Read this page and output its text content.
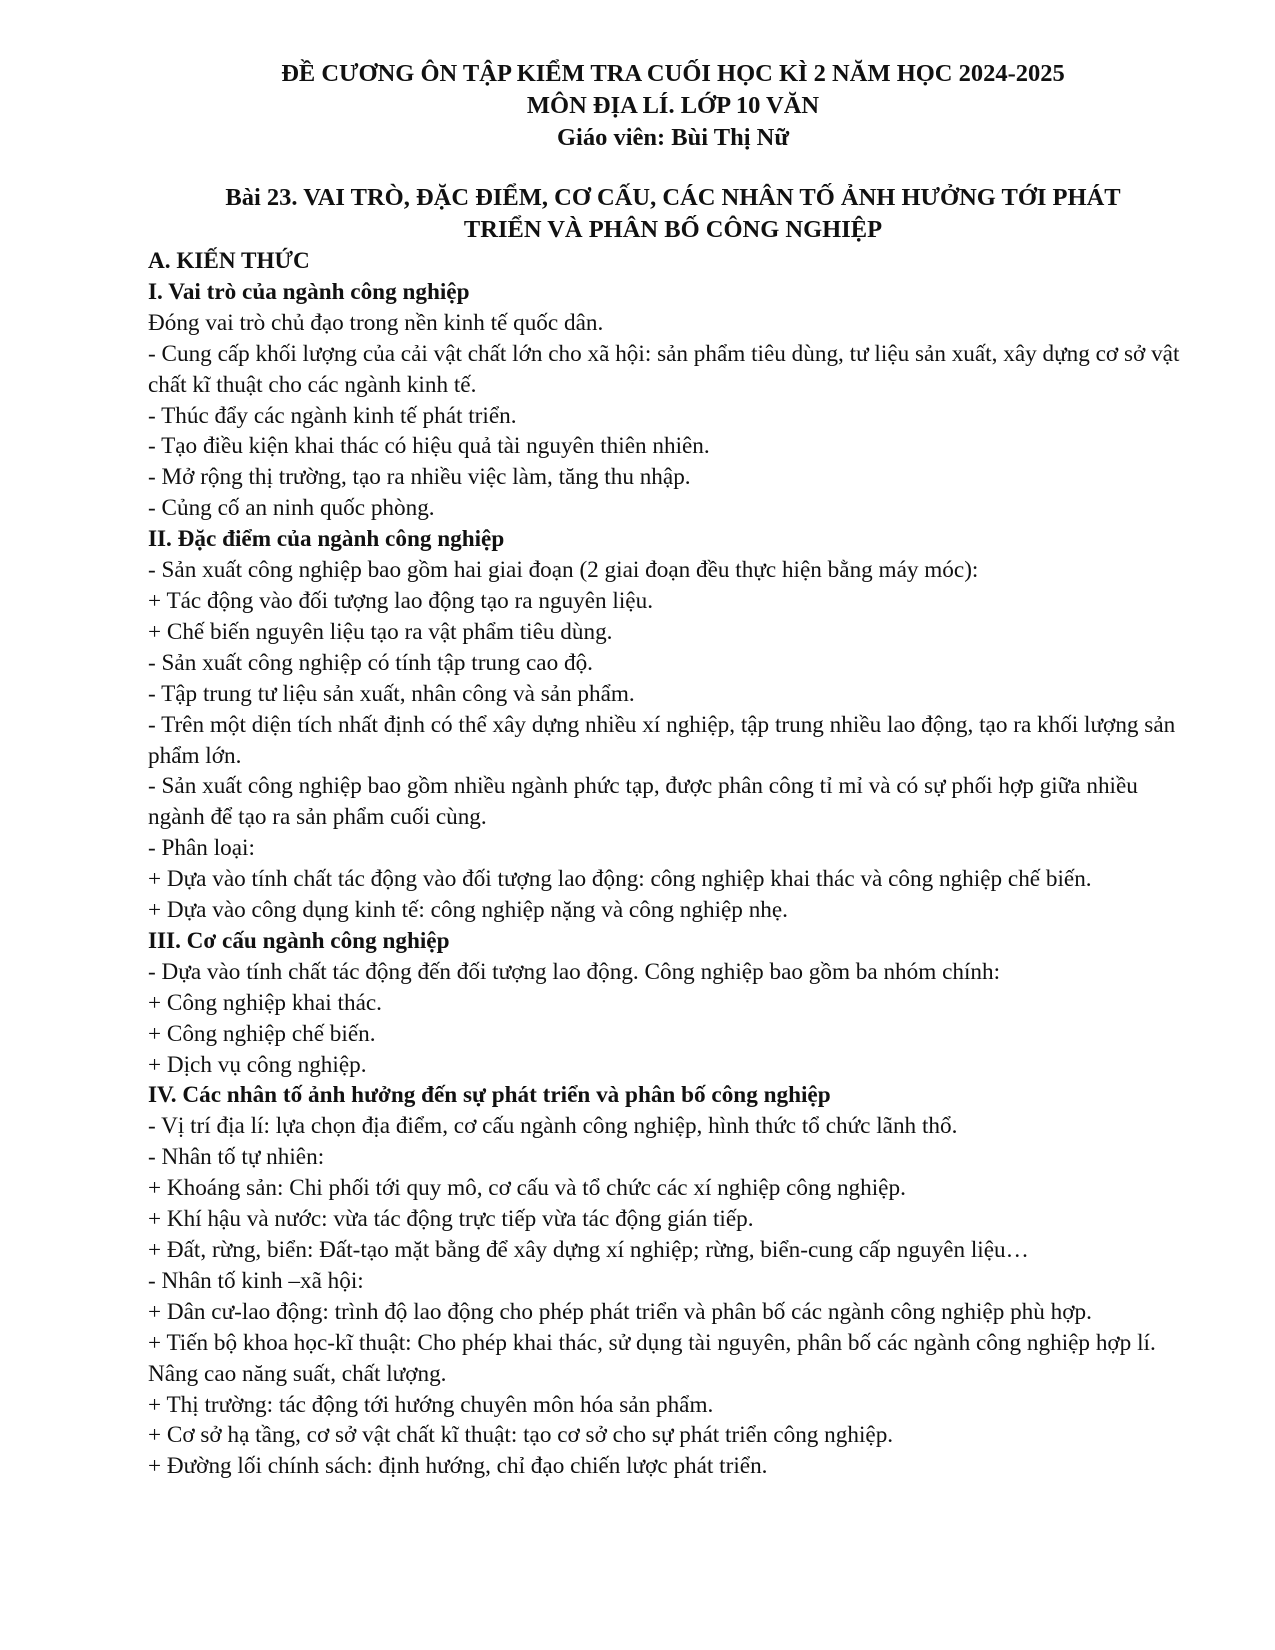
ĐỀ CƯƠNG ÔN TẬP KIỂM TRA CUỐI HỌC KÌ 2 NĂM HỌC 2024-2025
MÔN ĐỊA LÍ. LỚP 10 VĂN
Giáo viên: Bùi Thị Nữ
Bài 23. VAI TRÒ, ĐẶC ĐIỂM, CƠ CẤU, CÁC NHÂN TỐ ẢNH HƯỞNG TỚI PHÁT TRIỂN VÀ PHÂN BỐ CÔNG NGHIỆP
A. KIẾN THỨC
I. Vai trò của ngành công nghiệp

Đóng vai trò chủ đạo trong nền kinh tế quốc dân.

- Cung cấp khối lượng của cải vật chất lớn cho xã hội: sản phẩm tiêu dùng, tư liệu sản xuất, xây dựng cơ sở vật chất kĩ thuật cho các ngành kinh tế.

- Thúc đẩy các ngành kinh tế phát triển.

- Tạo điều kiện khai thác có hiệu quả tài nguyên thiên nhiên.

- Mở rộng thị trường, tạo ra nhiều việc làm, tăng thu nhập.

- Củng cố an ninh quốc phòng.

II. Đặc điểm của ngành công nghiệp

- Sản xuất công nghiệp bao gồm hai giai đoạn (2 giai đoạn đều thực hiện bằng máy móc):

+ Tác động vào đối tượng lao động tạo ra nguyên liệu.

+ Chế biến nguyên liệu tạo ra vật phẩm tiêu dùng.

- Sản xuất công nghiệp có tính tập trung cao độ.

- Tập trung tư liệu sản xuất, nhân công và sản phẩm.

- Trên một diện tích nhất định có thể xây dựng nhiều xí nghiệp, tập trung nhiều lao động, tạo ra khối lượng sản phẩm lớn.

- Sản xuất công nghiệp bao gồm nhiều ngành phức tạp, được phân công tỉ mỉ và có sự phối hợp giữa nhiều ngành để tạo ra sản phẩm cuối cùng.

- Phân loại:

+ Dựa vào tính chất tác động vào đối tượng lao động: công nghiệp khai thác và công nghiệp chế biến.

+ Dựa vào công dụng kinh tế: công nghiệp nặng và công nghiệp nhẹ.

III. Cơ cấu ngành công nghiệp

- Dựa vào tính chất tác động đến đối tượng lao động. Công nghiệp bao gồm ba nhóm chính:

+ Công nghiệp khai thác.

+ Công nghiệp chế biến.

+ Dịch vụ công nghiệp.

IV. Các nhân tố ảnh hưởng đến sự phát triển và phân bố công nghiệp

- Vị trí địa lí: lựa chọn địa điểm, cơ cấu ngành công nghiệp, hình thức tổ chức lãnh thổ.

- Nhân tố tự nhiên:

+ Khoáng sản: Chi phối tới quy mô, cơ cấu và tổ chức các xí nghiệp công nghiệp.

+ Khí hậu và nước: vừa tác động trực tiếp vừa tác động gián tiếp.

+ Đất, rừng, biển: Đất-tạo mặt bằng để xây dựng xí nghiệp; rừng, biển-cung cấp nguyên liệu…

- Nhân tố kinh –xã hội:

+ Dân cư-lao động: trình độ lao động cho phép phát triển và phân bố các ngành công nghiệp phù hợp.

+ Tiến bộ khoa học-kĩ thuật: Cho phép khai thác, sử dụng tài nguyên, phân bố các ngành công nghiệp hợp lí. Nâng cao năng suất, chất lượng.

+ Thị trường: tác động tới hướng chuyên môn hóa sản phẩm.

+ Cơ sở hạ tầng, cơ sở vật chất kĩ thuật: tạo cơ sở cho sự phát triển công nghiệp.

+ Đường lối chính sách: định hướng, chỉ đạo chiến lược phát triển.
